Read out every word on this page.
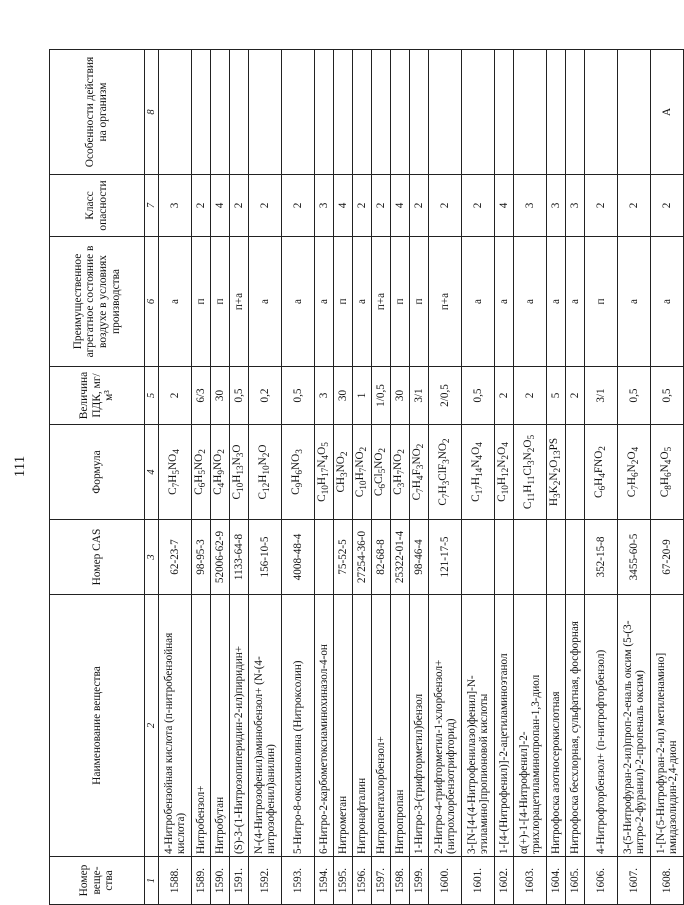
111
Номер веще-ства	Наименование вещества	Номер CAS	Формула	Величина ПДК, мг/м³	Преимущественное агрегатное состояние в воздухе в условиях производства	Класс опасности	Особенности действия на организм
1	2	3	4	5	6	7	8
1588.	4-Нитробензойная кислота (п-нитробензойная кислота)	62-23-7	$C_7H_5NO_4$	2	а	3	
1589.	Нитробензол+	98-95-3	$C_6H_5NO_2$	6/3	п	2	
1590.	Нитробутан	52006-62-9	$C_4H_9NO_2$	30	п	4	
1591.	(S)-3-(1-Нитрозопиперидин-2-ил)пиридин+	1133-64-8	$C_{10}H_{13}N_3O$	0,5	п+а	2	
1592.	N-(4-Нитрозофенил)аминобензол+ (N-(4-нитрозофенил)анилин)	156-10-5	$C_{12}H_{10}N_2O$	0,2	а	2	
1593.	5-Нитро-8-оксихинолина (Нитроксолин)	4008-48-4	$C_9H_6NO_3$	0,5	а	2	
1594.	6-Нитро-2-карбометоксиаминохиназол-4-он		$C_{10}H_{17}N_4O_5$	3	а	3	
1595.	Нитрометан	75-52-5	$CH_3NO_2$	30	п	4	
1596.	Нитронафталин	27254-36-0	$C_{10}H_7NO_2$	1	а	2	
1597.	Нитропентахлорбензол+	82-68-8	$C_6Cl_5NO_2$	1/0,5	п+а	2	
1598.	Нитропропан	25322-01-4	$C_3H_7NO_2$	30	п	4	
1599.	1-Нитро-3-(трифторметил)бензол	98-46-4	$C_7H_4F_3NO_2$	3/1	п	2	
1600.	2-Нитро-4-трифторметил-1-хлорбензол+ (нитрохлорбензотрифторид)	121-17-5	$C_7H_3ClF_3NO_2$	2/0,5	п+а	2	
1601.	3-[N-[4-(4-Нитрофенилазо)фенил]-N-этиламино]пропионовой кислоты		$C_{17}H_{14}N_4O_4$	0,5	а	2	
1602.	1-[4-(Нитрофенил)]-2-ацетиламиноэтанол		$C_{10}H_{12}N_2O_4$	2	а	4	
1603.	α(+)-1-[4-Нитрофенил]-2-трихлорацетиламинопропан-1,3-диол		$C_{11}H_{11}Cl_3N_2O_5$	2	а	3	
1604.	Нитрофоска азотносерокислотная		$H_3K_2N_2O_{13}PS$	5	а	3	
1605.	Нитрофоска бесхлорная, сульфатная, фосфорная			2	а	3	
1606.	4-Нитрофторбензол+ (п-нитрофторбензол)	352-15-8	$C_6H_4FNO_2$	3/1	п	2	
1607.	3-(5-Нитрофуран-2-ил)проп-2-еналь оксим (5-(3-нитро-2-фуранил)-2-пропеналь оксим)	3455-60-5	$C_7H_6N_2O_4$	0,5	а	2	
1608.	1-[N-(5-Нитрофуран-2-ил) метиленамино] имидазолидин-2,4-дион	67-20-9	$C_8H_6N_4O_5$	0,5	а	2	А
